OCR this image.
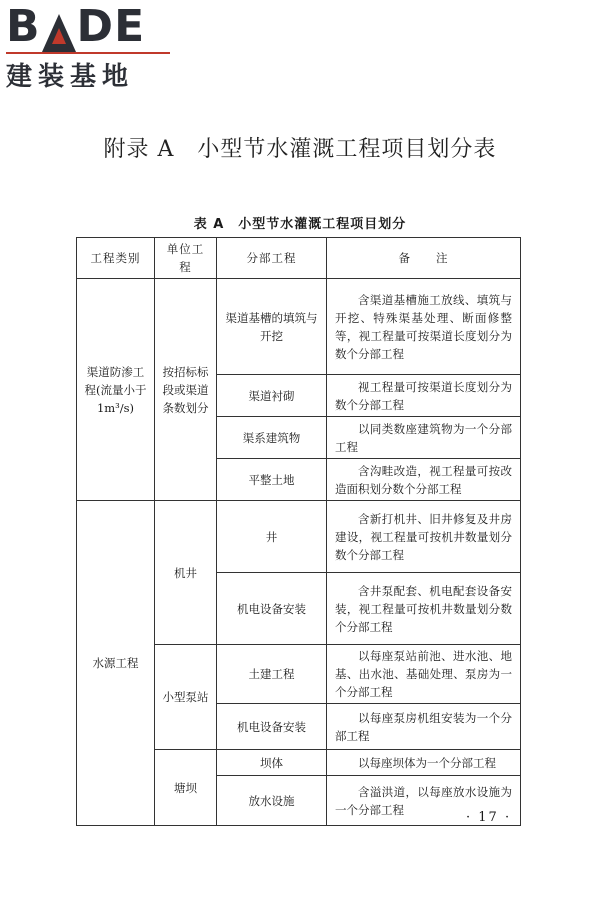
B DE
建装基地
附录 A　小型节水灌溉工程项目划分表
表 A　小型节水灌溉工程项目划分
工程类别	单位工程	分部工程	备　　注
渠道防渗工程(流量小于 1m³/s)	按招标标段或渠道条数划分	渠道基槽的填筑与开挖	含渠道基槽施工放线、填筑与开挖、特殊渠基处理、断面修整等，视工程量可按渠道长度划分为数个分部工程
		渠道衬砌	视工程量可按渠道长度划分为数个分部工程
		渠系建筑物	以同类数座建筑物为一个分部工程
		平整土地	含沟畦改造，视工程量可按改造面积划分数个分部工程
水源工程	机井	井	含新打机井、旧井修复及井房建设，视工程量可按机井数量划分数个分部工程
		机电设备安装	含井泵配套、机电配套设备安装，视工程量可按机井数量划分数个分部工程
	小型泵站	土建工程	以每座泵站前池、进水池、地基、出水池、基础处理、泵房为一个分部工程
		机电设备安装	以每座泵房机组安装为一个分部工程
	塘坝	坝体	以每座坝体为一个分部工程
		放水设施	含溢洪道，以每座放水设施为一个分部工程
· 17 ·
